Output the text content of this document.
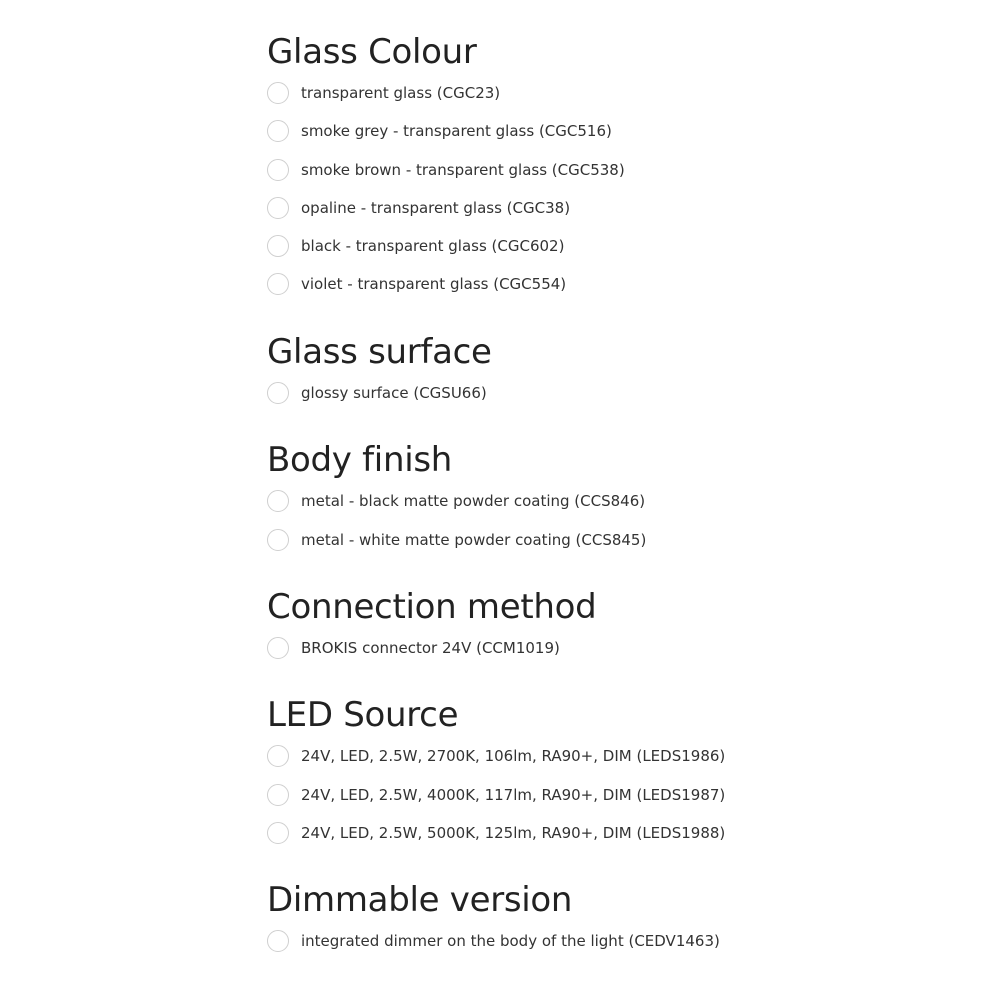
Glass Colour
transparent glass (CGC23)
smoke grey - transparent glass (CGC516)
smoke brown - transparent glass (CGC538)
opaline - transparent glass (CGC38)
black - transparent glass (CGC602)
violet - transparent glass (CGC554)
Glass surface
glossy surface (CGSU66)
Body finish
metal - black matte powder coating (CCS846)
metal - white matte powder coating (CCS845)
Connection method
BROKIS connector 24V (CCM1019)
LED Source
24V, LED, 2.5W, 2700K, 106lm, RA90+, DIM (LEDS1986)
24V, LED, 2.5W, 4000K, 117lm, RA90+, DIM (LEDS1987)
24V, LED, 2.5W, 5000K, 125lm, RA90+, DIM (LEDS1988)
Dimmable version
integrated dimmer on the body of the light (CEDV1463)
